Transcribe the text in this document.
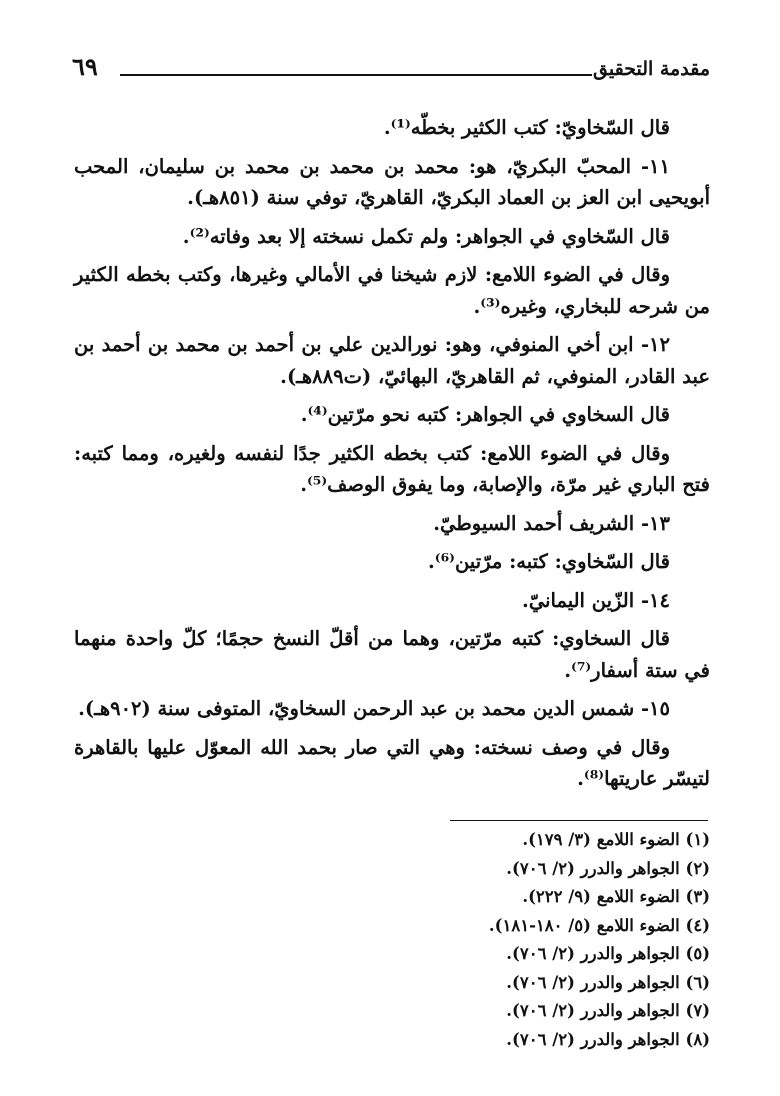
مقدمة التحقيق
٦٩

قال السّخاويّ: كتب الكثير بخطّه⁽¹⁾.

١١- المحبّ البكريّ، هو: محمد بن محمد بن محمد بن سليمان، المحب أبويحيى ابن العز بن العماد البكريّ، القاهريّ، توفي سنة (٨٥١هـ).

قال السّخاوي في الجواهر: ولم تكمل نسخته إلا بعد وفاته⁽²⁾.

وقال في الضوء اللامع: لازم شيخنا في الأمالي وغيرها، وكتب بخطه الكثير من شرحه للبخاري، وغيره⁽³⁾.

١٢- ابن أخي المنوفي، وهو: نورالدين علي بن أحمد بن محمد بن أحمد بن عبد القادر، المنوفي، ثم القاهريّ، البهائيّ، (ت٨٨٩هـ).

قال السخاوي في الجواهر: كتبه نحو مرّتين⁽⁴⁾.

وقال في الضوء اللامع: كتب بخطه الكثير جدًا لنفسه ولغيره، ومما كتبه: فتح الباري غير مرّة، والإصابة، وما يفوق الوصف⁽⁵⁾.

١٣- الشريف أحمد السيوطيّ.

قال السّخاوي: كتبه: مرّتين⁽⁶⁾.

١٤- الزّين اليمانيّ.

قال السخاوي: كتبه مرّتين، وهما من أقلّ النسخ حجمًا؛ كلّ واحدة منهما في ستة أسفار⁽⁷⁾.

١٥- شمس الدين محمد بن عبد الرحمن السخاويّ، المتوفى سنة (٩٠٢هـ).

وقال في وصف نسخته: وهي التي صار بحمد الله المعوّل عليها بالقاهرة لتيسّر عاريتها⁽⁸⁾.

(١) الضوء اللامع (٣/ ١٧٩).
(٢) الجواهر والدرر (٢/ ٧٠٦).
(٣) الضوء اللامع (٩/ ٢٢٢).
(٤) الضوء اللامع (٥/ ١٨٠-١٨١).
(٥) الجواهر والدرر (٢/ ٧٠٦).
(٦) الجواهر والدرر (٢/ ٧٠٦).
(٧) الجواهر والدرر (٢/ ٧٠٦).
(٨) الجواهر والدرر (٢/ ٧٠٦).
